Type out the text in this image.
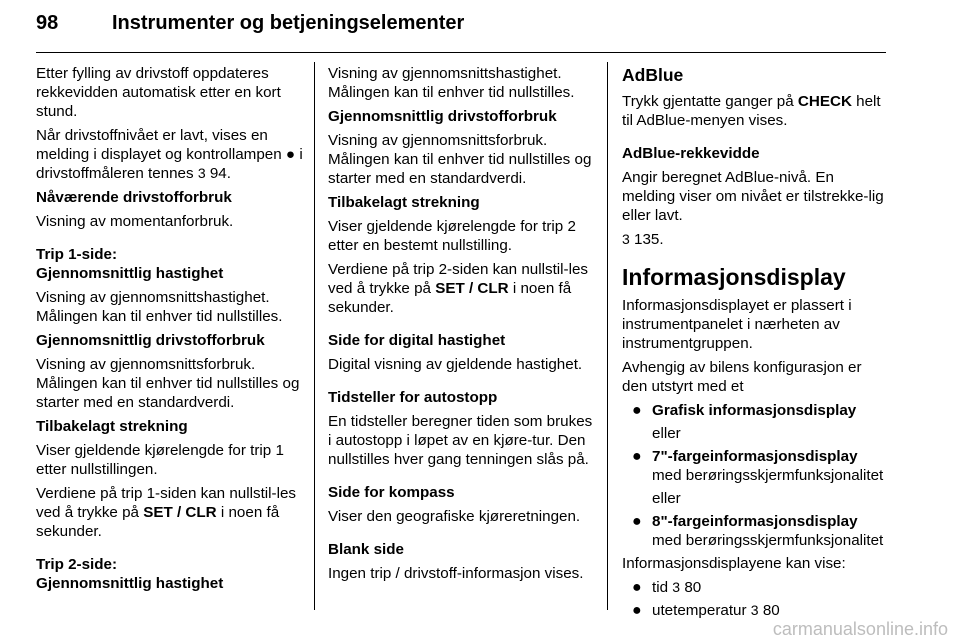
98	Instrumenter og betjeningselementer

Etter fylling av drivstoff oppdateres rekkevidden automatisk etter en kort stund.

Når drivstoffnivået er lavt, vises en melding i displayet og kontrollampen ● i drivstoffmåleren tennes 3 94.

Nåværende drivstofforbruk

Visning av momentanforbruk.

Trip 1-side:

Gjennomsnittlig hastighet

Visning av gjennomsnittshastighet. Målingen kan til enhver tid nullstilles.

Gjennomsnittlig drivstofforbruk

Visning av gjennomsnittsforbruk. Målingen kan til enhver tid nullstilles og starter med en standardverdi.

Tilbakelagt strekning

Viser gjeldende kjørelengde for trip 1 etter nullstillingen.

Verdiene på trip 1-siden kan nullstil-les ved å trykke på SET / CLR i noen få sekunder.

Trip 2-side:

Gjennomsnittlig hastighet

Visning av gjennomsnittshastighet. Målingen kan til enhver tid nullstilles.

Gjennomsnittlig drivstofforbruk

Visning av gjennomsnittsforbruk. Målingen kan til enhver tid nullstilles og starter med en standardverdi.

Tilbakelagt strekning

Viser gjeldende kjørelengde for trip 2 etter en bestemt nullstilling.

Verdiene på trip 2-siden kan nullstil-les ved å trykke på SET / CLR i noen få sekunder.

Side for digital hastighet

Digital visning av gjeldende hastighet.

Tidsteller for autostopp

En tidsteller beregner tiden som brukes i autostopp i løpet av en kjøre-tur. Den nullstilles hver gang tenningen slås på.

Side for kompass

Viser den geografiske kjøreretningen.

Blank side

Ingen trip / drivstoff-informasjon vises.

AdBlue

Trykk gjentatte ganger på CHECK helt til AdBlue-menyen vises.

AdBlue-rekkevidde

Angir beregnet AdBlue-nivå. En melding viser om nivået er tilstrekke-lig eller lavt.

3 135.

Informasjonsdisplay

Informasjonsdisplayet er plassert i instrumentpanelet i nærheten av instrumentgruppen.

Avhengig av bilens konfigurasjon er den utstyrt med et

● Grafisk informasjonsdisplay

eller

● 7"-fargeinformasjonsdisplay med berøringsskjermfunksjonalitet

eller

● 8"-fargeinformasjonsdisplay med berøringsskjermfunksjonalitet

Informasjonsdisplayene kan vise:

● tid 3 80
● utetemperatur 3 80
carmanualsonline.info
